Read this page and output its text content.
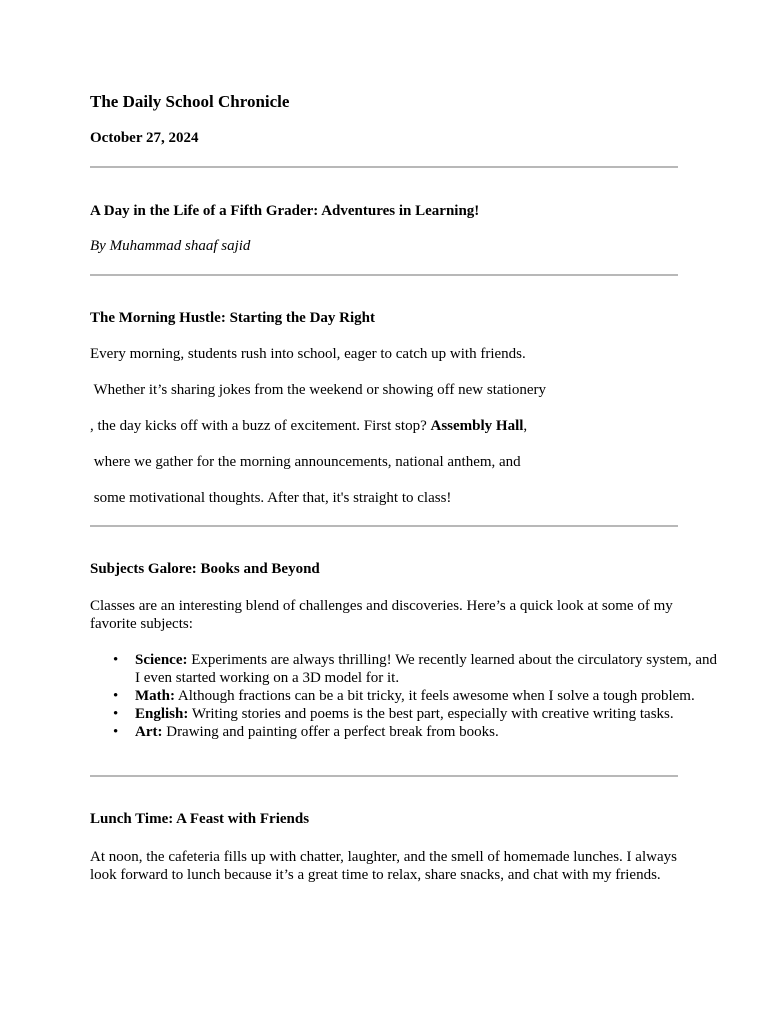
The Daily School Chronicle
October 27, 2024
A Day in the Life of a Fifth Grader: Adventures in Learning!
By Muhammad shaaf sajid
The Morning Hustle: Starting the Day Right
Every morning, students rush into school, eager to catch up with friends.
Whether it’s sharing jokes from the weekend or showing off new stationery
, the day kicks off with a buzz of excitement. First stop? Assembly Hall,
where we gather for the morning announcements, national anthem, and
some motivational thoughts. After that, it's straight to class!
Subjects Galore: Books and Beyond
Classes are an interesting blend of challenges and discoveries. Here’s a quick look at some of my favorite subjects:
• Science: Experiments are always thrilling! We recently learned about the circulatory system, and I even started working on a 3D model for it.
• Math: Although fractions can be a bit tricky, it feels awesome when I solve a tough problem.
• English: Writing stories and poems is the best part, especially with creative writing tasks.
• Art: Drawing and painting offer a perfect break from books.
Lunch Time: A Feast with Friends
At noon, the cafeteria fills up with chatter, laughter, and the smell of homemade lunches. I always look forward to lunch because it’s a great time to relax, share snacks, and chat with my friends.
